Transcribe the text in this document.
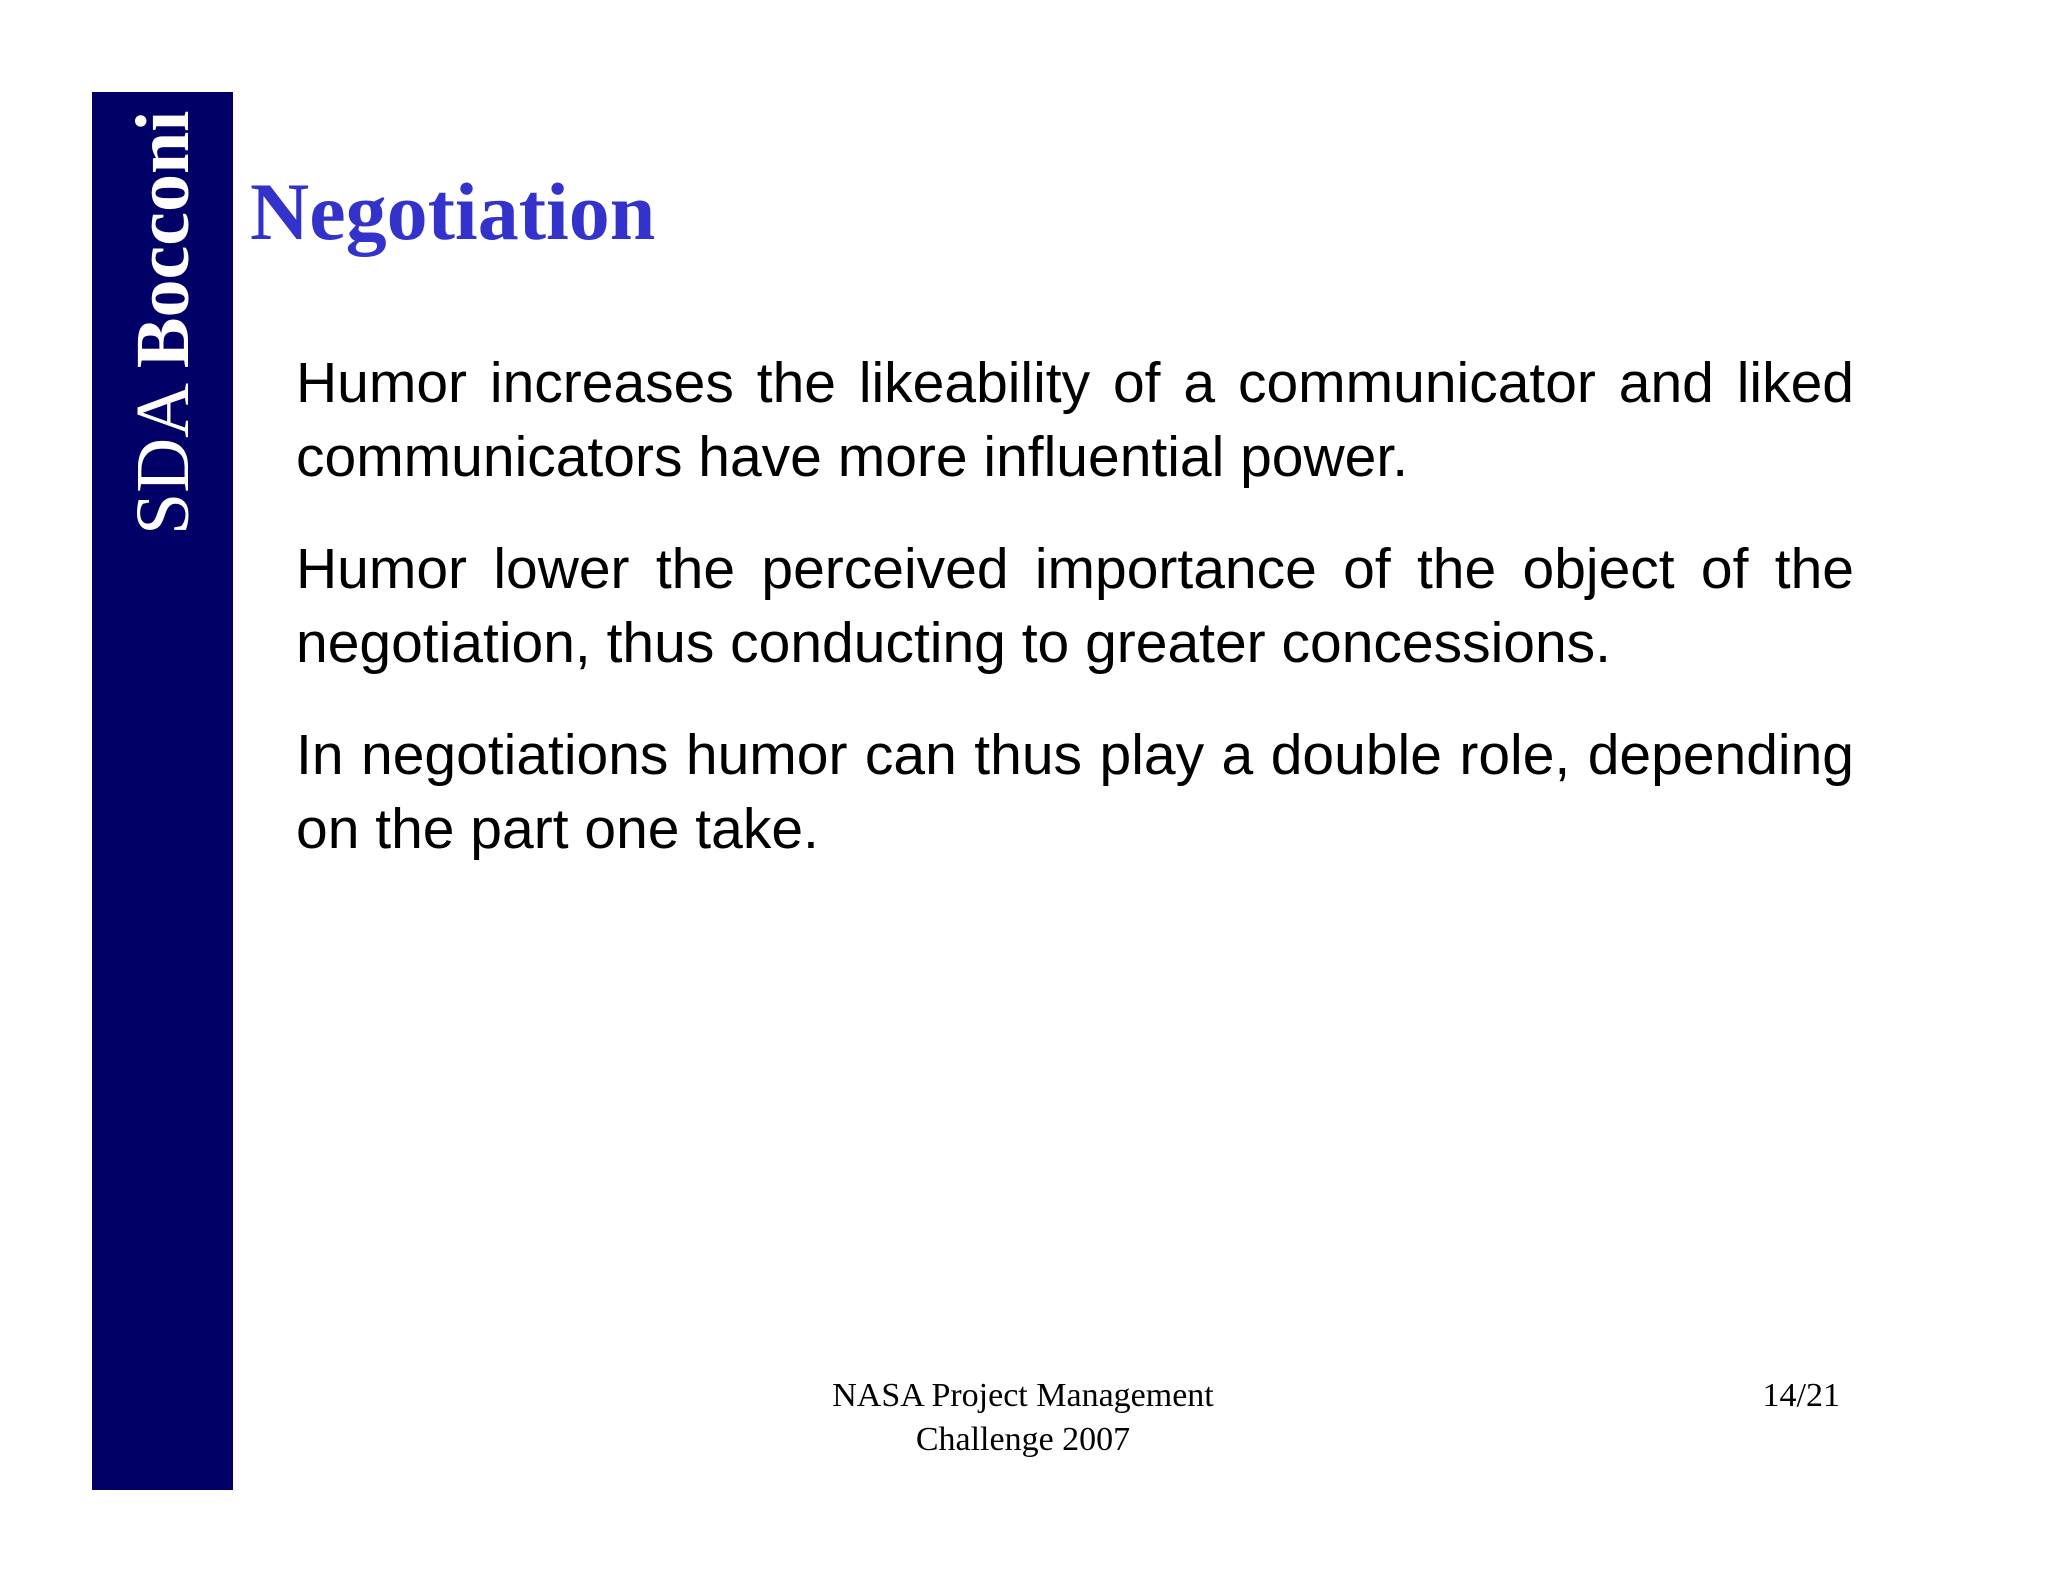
SDA Bocconi Negotiation

Humor increases the likeability of a communicator and liked communicators have more influential power.

Humor lower the perceived importance of the object of the negotiation, thus conducting to greater concessions.

In negotiations humor can thus play a double role, depending on the part one take.

NASA Project Management
Challenge 2007
14/21
